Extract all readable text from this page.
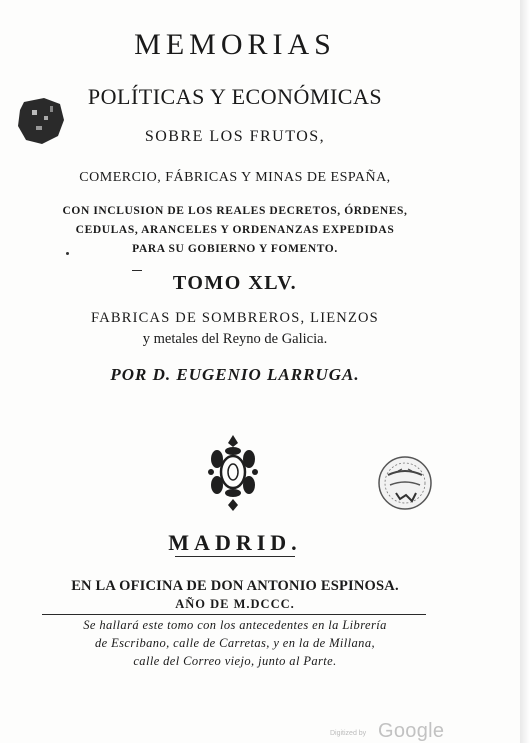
MEMORIAS
POLÍTICAS Y ECONÓMICAS
SOBRE LOS FRUTOS,
COMERCIO, FÁBRICAS Y MINAS DE ESPAÑA,
CON INCLUSION DE LOS REALES DECRETOS, ÓRDENES,
CEDULAS, ARANCELES Y ORDENANZAS EXPEDIDAS
PARA SU GOBIERNO Y FOMENTO.
TOMO XLV.
FABRICAS DE SOMBREROS, LIENZOS
y metales del Reyno de Galicia.
POR D. EUGENIO LARRUGA.
MADRID.
EN LA OFICINA DE DON ANTONIO ESPINOSA.
AÑO DE M.DCCC.
Se hallará este tomo con los antecedentes en la Librería
de Escribano, calle de Carretas, y en la de Millana,
calle del Correo viejo, junto al Parte.
Digitized by Google
